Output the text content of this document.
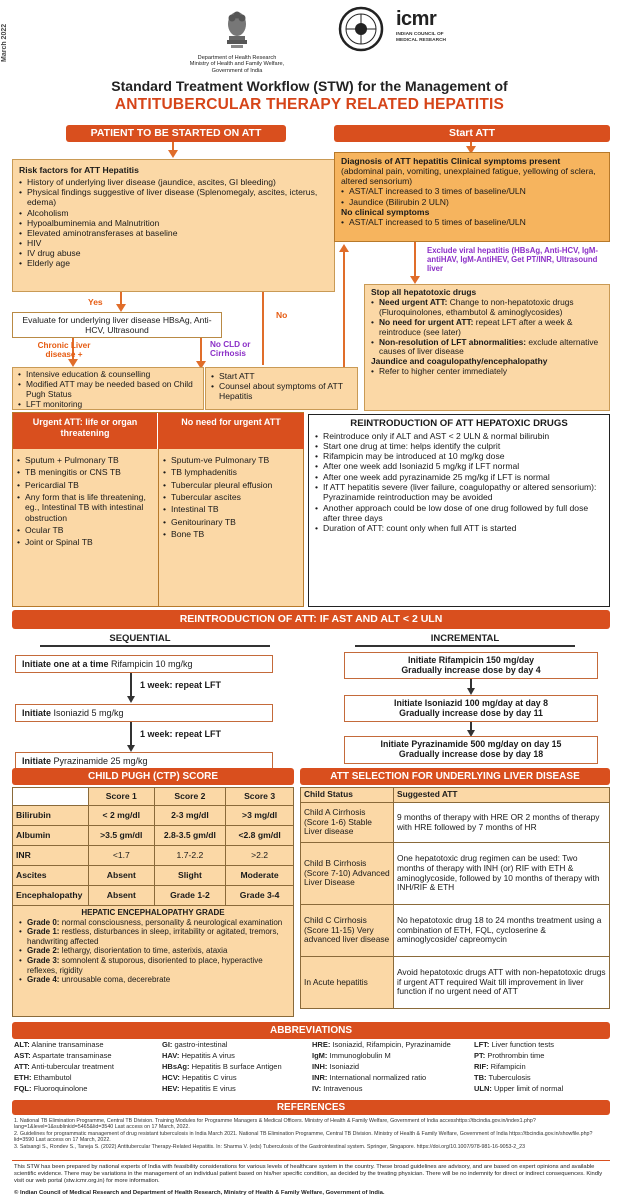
March 2022	Department of Health Research
Ministry of Health and Family Welfare, Government of India
icmr
INDIAN COUNCIL OF MEDICAL RESEARCH
Standard Treatment Workflow (STW) for the Management of
ANTITUBERCULAR THERAPY RELATED HEPATITIS
PATIENT TO BE STARTED ON ATT
Risk factors for ATT Hepatitis
• History of underlying liver disease (jaundice, ascites, GI bleeding)
• Physical findings suggestive of liver disease (Splenomegaly, ascites, icterus, edema)
• Alcoholism
• Hypoalbuminemia and Malnutrition
• Elevated aminotransferases at baseline
• HIV
• IV drug abuse
• Elderly age
Yes
No
Evaluate for underlying liver disease HBsAg, Anti-HCV, Ultrasound
Chronic Liver disease +
No CLD or Cirrhosis
• Intensive education & counselling
• Modified ATT may be needed based on Child Pugh Status
• LFT monitoring
• Start ATT
• Counsel about symptoms of ATT Hepatitis
Urgent ATT: life or organ threatening
No need for urgent ATT
• Sputum + Pulmonary TB
• TB meningitis or CNS TB
• Pericardial TB
• Any form that is life threatening, eg., Intestinal TB with intestinal obstruction
• Ocular TB
• Joint or Spinal TB
• Sputum-ve Pulmonary TB
• TB lymphadenitis
• Tubercular pleural effusion
• Tubercular ascites
• Intestinal TB
• Genitourinary TB
• Bone TB
Start ATT
Diagnosis of ATT hepatitis Clinical symptoms present (abdominal pain, vomiting, unexplained fatigue, yellowing of sclera, altered sensorium)
• AST/ALT increased to 3 times of baseline/ULN
• Jaundice (Bilirubin 2 ULN)
No clinical symptoms
• AST/ALT increased to 5 times of baseline/ULN
Exclude viral hepatitis (HBsAg, Anti-HCV, IgM- antiHAV, IgM-AntiHEV, Get PT/INR, Ultrasound liver
Stop all hepatotoxic drugs
• Need urgent ATT: Change to non-hepatotoxic drugs (Fluroquinolones, ethambutol & aminoglycosides)
• No need for urgent ATT: repeat LFT after a week & reintroduce (see later)
• Non-resolution of LFT abnormalities: exclude alternative causes of liver disease
Jaundice and coagulopathy/encephalopathy
• Refer to higher center immediately
REINTRODUCTION OF ATT HEPATOXIC DRUGS
• Reintroduce only if ALT and AST < 2 ULN & normal bilirubin
• Start one drug at time: helps identify the culprit
• Rifampicin may be introduced at 10 mg/kg dose
• After one week add Isoniazid 5 mg/kg if LFT normal
• After one week add pyrazinamide 25 mg/kg if LFT is normal
• If ATT hepatitis severe (liver failure, coagulopathy or altered sensorium): Pyrazinamide reintroduction may be avoided
• Another approach could be low dose of one drug followed by full dose after three days
• Duration of ATT: count only when full ATT is started
REINTRODUCTION OF ATT: IF AST AND ALT < 2 ULN
SEQUENTIAL	INCREMENTAL
Initiate one at a time Rifampicin 10 mg/kg
1 week: repeat LFT
Initiate Isoniazid 5 mg/kg
1 week: repeat LFT
Initiate Pyrazinamide 25 mg/kg
Initiate Rifampicin 150 mg/day
Gradually increase dose by day 4
Initiate Isoniazid 100 mg/day at day 8
Gradually increase dose by day 11
Initiate Pyrazinamide 500 mg/day on day 15
Gradually increase dose by day 18
CHILD PUGH (CTP) SCORE
	Score 1	Score 2	Score 3
Bilirubin	< 2 mg/dl	2-3 mg/dl	>3 mg/dl
Albumin	>3.5 gm/dl	2.8-3.5 gm/dl	<2.8 gm/dl
INR	<1.7	1.7-2.2	>2.2
Ascites	Absent	Slight	Moderate
Encephalopathy	Absent	Grade 1-2	Grade 3-4
HEPATIC ENCEPHALOPATHY GRADE
• Grade 0: normal consciousness, personality & neurological examination
• Grade 1: restless, disturbances in sleep, irritability or agitated, tremors, handwriting affected
• Grade 2: lethargy, disorientation to time, asterixis, ataxia
• Grade 3: somnolent & stuporous, disoriented to place, hyperactive reflexes, rigidity
• Grade 4: unrousable coma, decerebrate
ATT SELECTION FOR UNDERLYING LIVER DISEASE
Child Status	Suggested ATT
Child A Cirrhosis (Score 1-6) Stable Liver disease	9 months of therapy with HRE OR 2 months of therapy with HRE followed by 7 months of HR
Child B Cirrhosis (Score 7-10) Advanced Liver Disease	One hepatotoxic drug regimen can be used: Two months of therapy with INH (or) RIF with ETH & aminoglycoside, followed by 10 months of therapy with INH/RIF & ETH
Child C Cirrhosis (Score 11-15) Very advanced liver disease	No hepatotoxic drug 18 to 24 months treatment using a combination of ETH, FQL, cycloserine & aminoglycoside/ capreomycin
In Acute hepatitis	Avoid hepatotoxic drugs ATT with non-hepatotoxic drugs if urgent ATT required Wait till improvement in liver function if no urgent need of ATT
ABBREVIATIONS
ALT: Alanine transaminase
AST: Aspartate transaminase
ATT: Anti-tubercular treatment
ETH: Ethambutol
FQL: Fluoroquinolone
GI: gastro-intestinal
HAV: Hepatitis A virus
HBsAg: Hepatitis B surface Antigen
HCV: Hepatitis C virus
HEV: Hepatitis E virus
HRE: Isoniazid, Rifampicin, Pyrazinamide
IgM: Immunoglobulin M
INH: Isoniazid
INR: International normalized ratio
IV: Intravenous
LFT: Liver function tests
PT: Prothrombin time
RIF: Rifampicin
TB: Tuberculosis
ULN: Upper limit of normal
REFERENCES
1. National TB Elimination Programme, Central TB Division. Training Modules for Programme Managers & Medical Officers. Ministry of Health & Family Welfare, Government of India accesshttps://tbcindia.gov.in/index1.php?lang=1&level=1&sublinkid=5465&lid=3540 Last access on 17 March, 2022.
2. Guidelines for programmatic management of drug resistant tuberculosis in India March 2021. National TB Elimination Programme, Central TB Division. Ministry of Health & Family Welfare, Government of India https://tbcindia.gov.in/showfile.php?lid=3590 Last access on 17 March, 2022.
3. Satsangi S., Rondev S., Taneja S. (2022) Antitubercular Therapy-Related Hepatitis. In: Sharma V. (eds) Tuberculosis of the Gastrointestinal system. Springer, Singapore. https://doi.org/10.1007/978-981-16-9053-2_23
This STW has been prepared by national experts of India with feasibility considerations for various levels of healthcare system in the country. These broad guidelines are advisory, and are based on expert opinions and available scientific evidence. There may be variations in the management of an individual patient based on his/her specific condition, as decided by the treating physician. There will be no indemnity for direct or indirect consequences. Kindly visit our web portal (stw.icmr.org.in) for more information.
© Indian Council of Medical Research and Department of Health Research, Ministry of Health & Family Welfare, Government of India.
